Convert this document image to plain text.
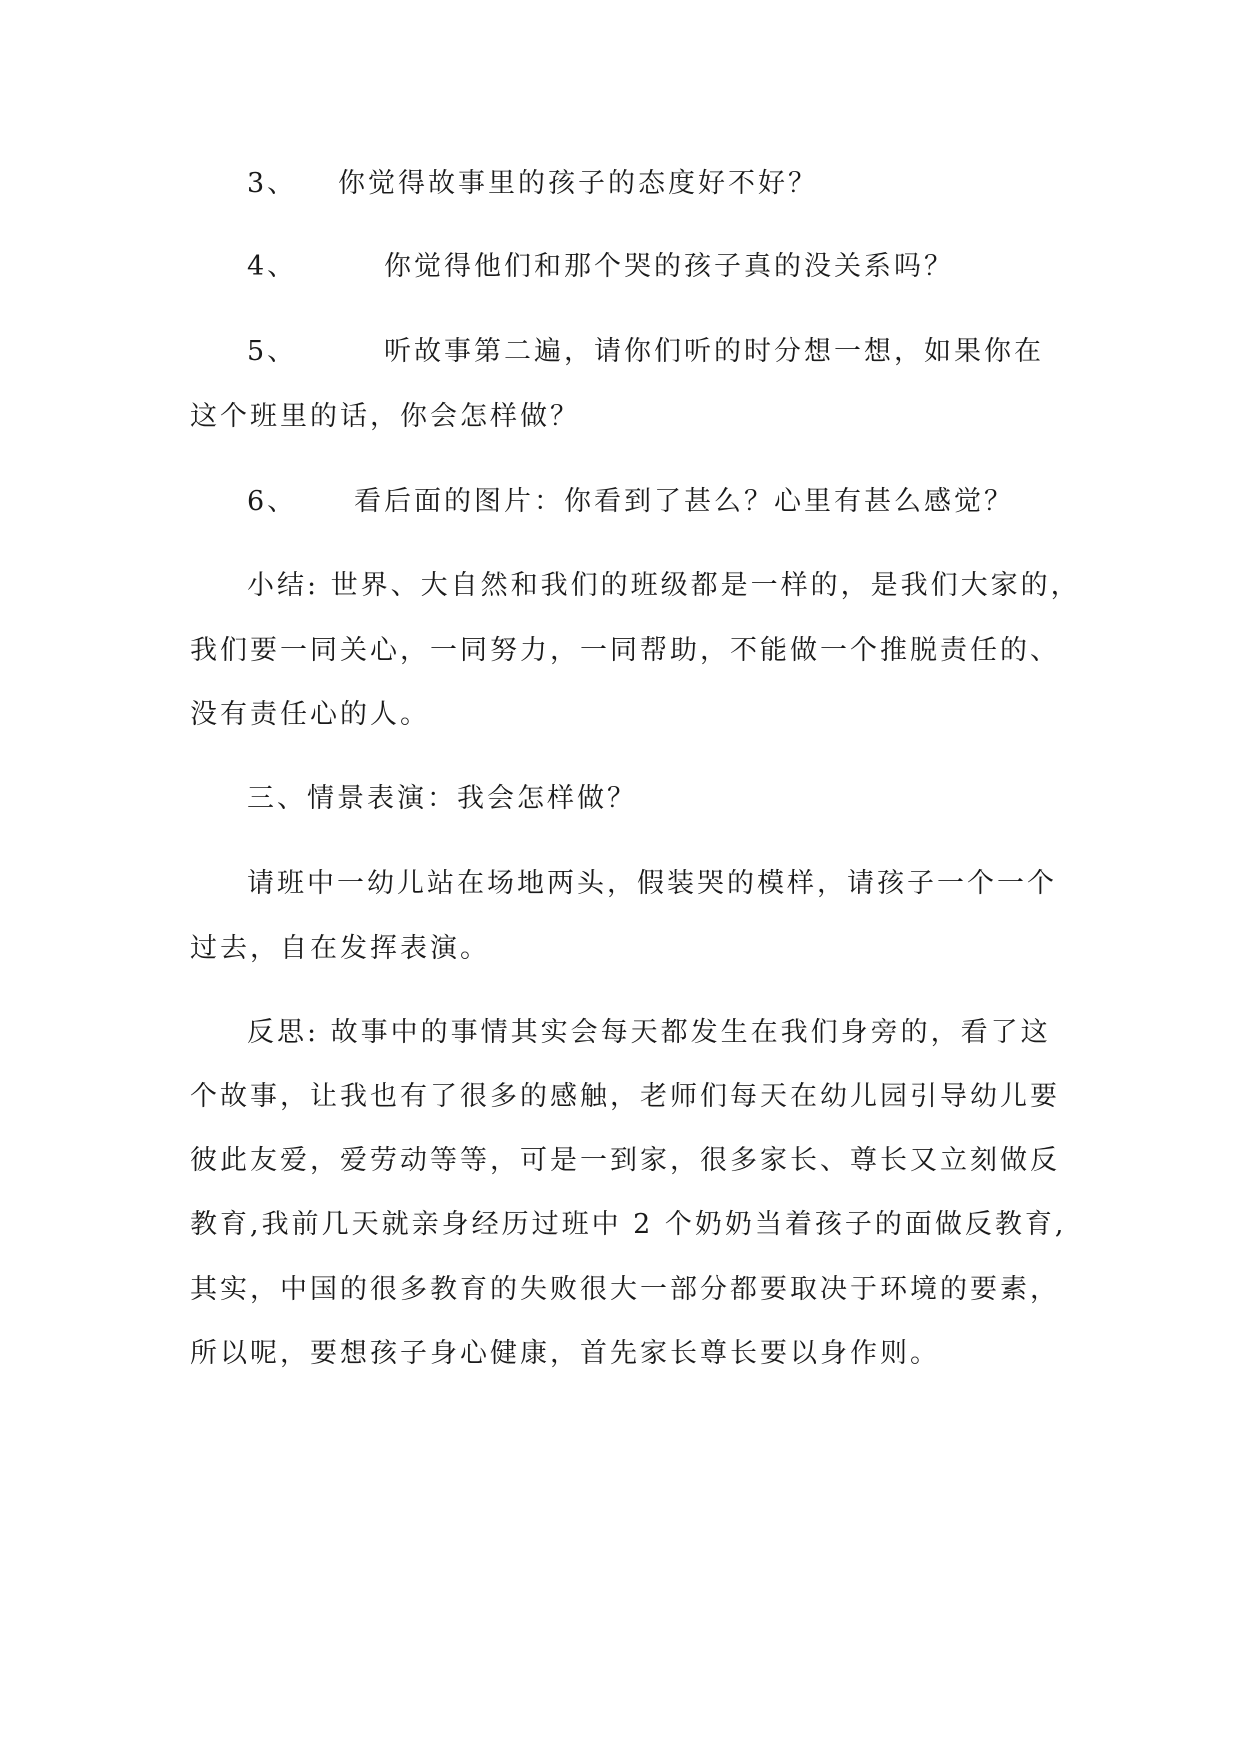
3、 你觉得故事里的孩子的态度好不好？
4、	你觉得他们和那个哭的孩子真的没关系吗？
5、	听故事第二遍，请你们听的时分想一想，如果你在
这个班里的话，你会怎样做？
6、 看后面的图片：你看到了甚么？心里有甚么感觉？
小结: 世界、大自然和我们的班级都是一样的，是我们大家的，
我们要一同关心，一同努力，一同帮助，不能做一个推脱责任的、
没有责任心的人。
三、情景表演：我会怎样做？
请班中一幼儿站在场地两头，假装哭的模样，请孩子一个一个
过去，自在发挥表演。
反思: 故事中的事情其实会每天都发生在我们身旁的，看了这
个故事，让我也有了很多的感触，老师们每天在幼儿园引导幼儿要
彼此友爱，爱劳动等等，可是一到家，很多家长、尊长又立刻做反
教育,我前几天就亲身经历过班中 2 个奶奶当着孩子的面做反教育,
其实，中国的很多教育的失败很大一部分都要取决于环境的要素，
所以呢，要想孩子身心健康，首先家长尊长要以身作则。
